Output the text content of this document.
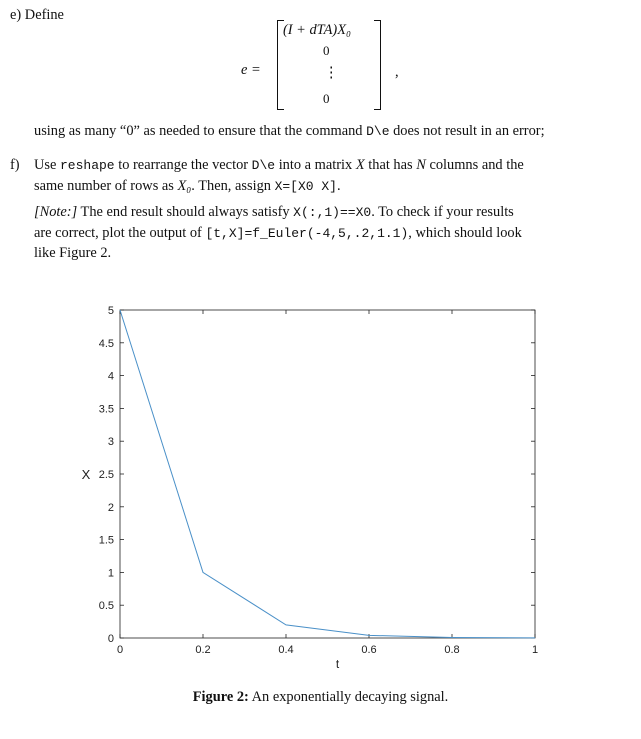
e) Define
e =
(I + dTA)X₀
0
⋮
0
,
using as many “0” as needed to ensure that the command D\e does not result in an error;
f) Use reshape to rearrange the vector D\e into a matrix X that has N columns and the
same number of rows as X₀. Then, assign X=[X0 X].
[Note:] The end result should always satisfy X(:,1)==X0. To check if your results
are correct, plot the output of [t,X]=f_Euler(-4,5,.2,1.1), which should look
like Figure 2.
0	0.2	0.4	0.6	0.8	1
0
0.5
1
1.5
2
2.5
3
3.5
4
4.5
5
t
X
Figure 2: An exponentially decaying signal.
